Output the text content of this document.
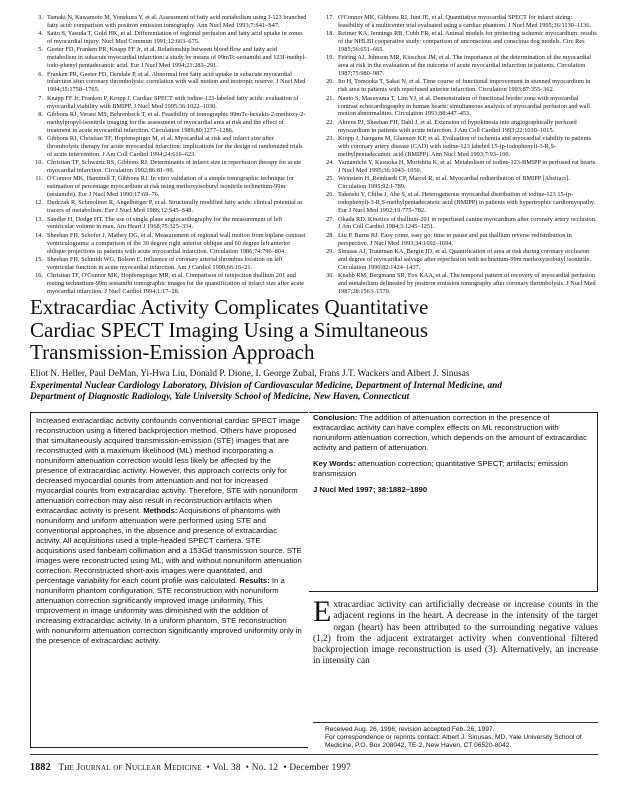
3. Tamaki N, Kawamoto M, Yonekura Y, et al. Assessment of fatty acid metabolism using I-123 branched fatty acid: comparison with positron emission tomography. Ann Nucl Med 1993;7:S41–S47.
4. Saito S, Yasuda T, Gold HK, et al. Differentiation of regional perfusion and fatty acid uptake in zones of myocardial injury. Nucl Med Commun 1991;12:663–675.
5. Geeter FD, Franken PR, Knapp FF Jr, et al. Relationship between blood flow and fatty acid metabolism in subacute myocardial infarction: a study by means of 99mTc-sestamibi and 123I-methyl-iodo-phenyl pentadecanoic acid. Eur J Nucl Med 1994;21:283–291.
6. Franken PR, Geeter FD, Dendale P, et al. Abnormal free fatty acid uptake in subacute myocardial infarction after coronary thrombolysis: correlation with wall motion and inotropic reserve. J Nucl Med 1994;35:1758–1765.
7. Knapp FF Jr, Franken P, Kropp J. Cardiac SPECT with iodine-123-labeled fatty acids: evaluation of myocardial viability with BMIPP. J Nucl Med 1995;36:1022–1030.
8. Gibbons RJ, Verani MS, Behrenbeck T, et al. Feasibility of tomographic 99mTc-hexakis-2-methoxy-2-methylpropyl-isonitrile imaging for the assessment of myocardial area at risk and the effect of treatment in acute myocardial infarction. Circulation 1989;80:1277–1286.
9. Gibbons RJ, Christian TF, Hopfenspirger M, et al. Myocardial at risk and infarct size after thrombolytic therapy for acute myocardial infarction: implications for the design of randomized trials of acute intervention. J Am Coll Cardiol 1994;24:616–623.
10. Christian TF, Schwartz RS, Gibbons RJ. Determinants of infarct size in reperfusion therapy for acute myocardial infarction. Circulation 1992;86:81–90.
11. O'Connor MK, Hammell T, Gibbons RJ. In vitro validation of a simple tomographic technique for estimation of percentage myocardium at risk using methoxyisobutyl isonitrile technetium-99m (sestamibi). Eur J Nucl Med 1990;17:69–76.
12. Dudczak R, Schmoliner R, Angelberger P, et al. Structurally modified fatty acids: clinical potential as tracers of metabolism. Eur J Nucl Med 1986;12:S45–S48.
13. Sandler H, Dodge HT. The use of single plane angiocardiography for the measurement of left ventricular volume in man. Am Heart J 1968;75:325–334.
14. Sheehan FH, Schofer J, Mathey DG, et al. Measurement of regional wall motion from biplane contrast ventriculograms: a comparison of the 30 degree right anterior oblique and 60 degree left anterior oblique projections in patients with acute myocardial infarction. Circulation 1986;74:796–804.
15. Sheehan FH, Schmidt WG, Bolson E. Influence of coronary arterial thrombus location on left ventricular function in acute myocardial infarction. Am J Cardiol 1990;66:16–21.
16. Christian TF, O'Connor MK, Hopfenspirger MR, et al. Comparison of reinjection thallium 201 and resting technetium-99m sestamibi tomographic images for the quantification of infarct size after acute myocardial infarction. J Nucl Cardiol 1994;1:17–28.
17. O'Connor MK, Gibbons RJ, Juni JE, et al. Quantitative myocardial SPECT for infarct sizing: feasibility of a multicenter trial evaluated using a cardiac phantom. J Nucl Med 1995;36:1130–1136.
18. Reimer KA, Jennings RB, Cobb FR, et al. Animal models for protecting ischemic myocardium: results of the NHLBI cooperative study: comparison of unconscious and conscious dog models. Circ Res 1985;56:651–665.
19. Feiring AJ, Johnson MR, Kioschos JM, et al. The importance of the determination of the myocardial area at risk in the evaluation of the outcome of acute myocardial infarction in patients. Circulation 1987;75:980–987.
20. Ito H, Tomooka T, Sakai N, et al. Time course of functional improvement in stunned myocardium in risk area in patients with reperfused anterior infarction. Circulation 1993;87:355–362.
21. Nanto S, Masuyama T, Lim YJ, et al. Demonstration of functional border zone with myocardial contrast echocardiography in human hearts: simultaneous analysis of myocardial perfusion and wall motion abnormalities. Circulation 1993;88:447–453.
22. Ahrens PJ, Sheehan FH, Dahl J, et al. Extension of hypokinesia into angiographically perfused myocardium in patients with acute infarction. J Am Coll Cardiol 1993;22:1010–1015.
23. Kropp J, Juergans M, Glaenzer KP, et al. Evaluation of ischemia and myocardial viability in patients with coronary artery disease (CAD) with iodine-123 labeled 15-(p-iodophenyl)-3-R,S-methylpentadecanoic acid (BMIPP). Ann Nucl Med 1993;7:93–100.
24. Yamamichi Y, Kusuoka H, Morishita K, et al. Metabolism of iodine-123-BMIPP in perfused rat hearts. J Nucl Med 1995;36:1043–1050.
25. Weinstein H, Reinhardt CP, Marcel R, et al. Myocardial redistribution of BMIPP [Abstract]. Circulation 1995;92:I-789.
26. Takeishi Y, Chiba J, Abe S, et al. Heterogeneous myocardial distribution of iodine-123 15-(p-iodophenyl)-3-R,S-methylpentadecanoic acid (BMIPP) in patients with hypertrophic cardiomyopathy. Eur J Nucl Med 1992;19:775–782.
27. Okada RD. Kinetics of thallium-201 in reperfused canine myocardium after coronary artery occlusion. J Am Coll Cardiol 1984;3:1245–1251.
28. Liu P, Burns RJ. Easy come, easy go: time to pause and put thallium reverse redistribution in perspective. J Nucl Med 1993;34:1692–1694.
29. Sinusas AJ, Trautman KA, Bergin JD, et al. Quantification of area at risk during coronary occlusion and degree of myocardial salvage after reperfusion with technetium-99m methoxyisobutyl isonitrile. Circulation 1990;82:1424–1437.
30. Knabb RM, Bergmann SR, Fox KAA, et al. The temporal pattern of recovery of myocardial perfusion and metabolism delineated by positron emission tomography after coronary thrombolysis. J Nucl Med 1987;28:1563–1570.
Extracardiac Activity Complicates Quantitative
Cardiac SPECT Imaging Using a Simultaneous
Transmission-Emission Approach
Eliot N. Heller, Paul DeMan, Yi-Hwa Liu, Donald P. Dione, I. George Zubal, Frans J.T. Wackers and Albert J. Sinusas
Experimental Nuclear Cardiology Laboratory, Division of Cardiovascular Medicine, Department of Internal Medicine, and
Department of Diagnostic Radiology, Yale University School of Medicine, New Haven, Connecticut
Increased extracardiac activity confounds conventional cardiac SPECT image reconstruction using a filtered backprojection method. Others have proposed that simultaneously acquired transmission-emission (STE) images that are reconstructed with a maximum likelihood (ML) method incorporating a nonuniform attenuation correction would less likely be affected by the presence of extracardiac activity. However, this approach corrects only for decreased myocardial counts from attenuation and not for increased myocardial counts from extracardiac activity. Therefore, STE with nonuniform attenuation correction may also result in reconstruction artifacts when extracardiac activity is present. Methods: Acquisitions of phantoms with nonuniform and uniform attenuation were performed using STE and conventional approaches, in the absence and presence of extracardiac activity. All acquisitions used a triple-headed SPECT camera. STE acquisitions used fanbeam collimation and a 153Gd transmission source. STE images were reconstructed using ML, with and without nonuniform attenuation correction. Reconstructed short-axis images were quantitated, and percentage variability for each count profile was calculated. Results: In a nonuniform phantom configuration, STE reconstruction with nonuniform attenuation correction significantly improved image uniformity. This improvement in image uniformity was diminished with the addition of increasing extracardiac activity. In a uniform phantom, STE reconstruction with nonuniform attenuation correction significantly improved uniformity only in the presence of extracardiac activity.

Conclusion: The addition of attenuation correction in the presence of extracardiac activity can have complex effects on ML reconstruction with nonuniform attenuation correction, which depends on the amount of extracardiac activity and pattern of attenuation.

Key Words: attenuation correction; quantitative SPECT; artifacts; emission transmission

J Nucl Med 1997; 38:1882–1890

Extracardiac activity can artificially decrease or increase counts in the adjacent regions in the heart. A decrease in the intensity of the target organ (heart) has been attributed to the surrounding negative values (1,2) from the adjacent extratarget activity when conventional filtered backprojection image reconstruction is used (3). Alternatively, an increase in intensity can

Received Aug. 26, 1996; revision accepted Feb. 26, 1997.

For correspondence or reprints contact: Albert J. Sinusas, MD, Yale University School of Medicine, P.O. Box 208042, TE-2, New Haven, CT 06520-8042.

1882 The Journal of Nuclear Medicine  • Vol. 38  • No. 12  • December 1997
